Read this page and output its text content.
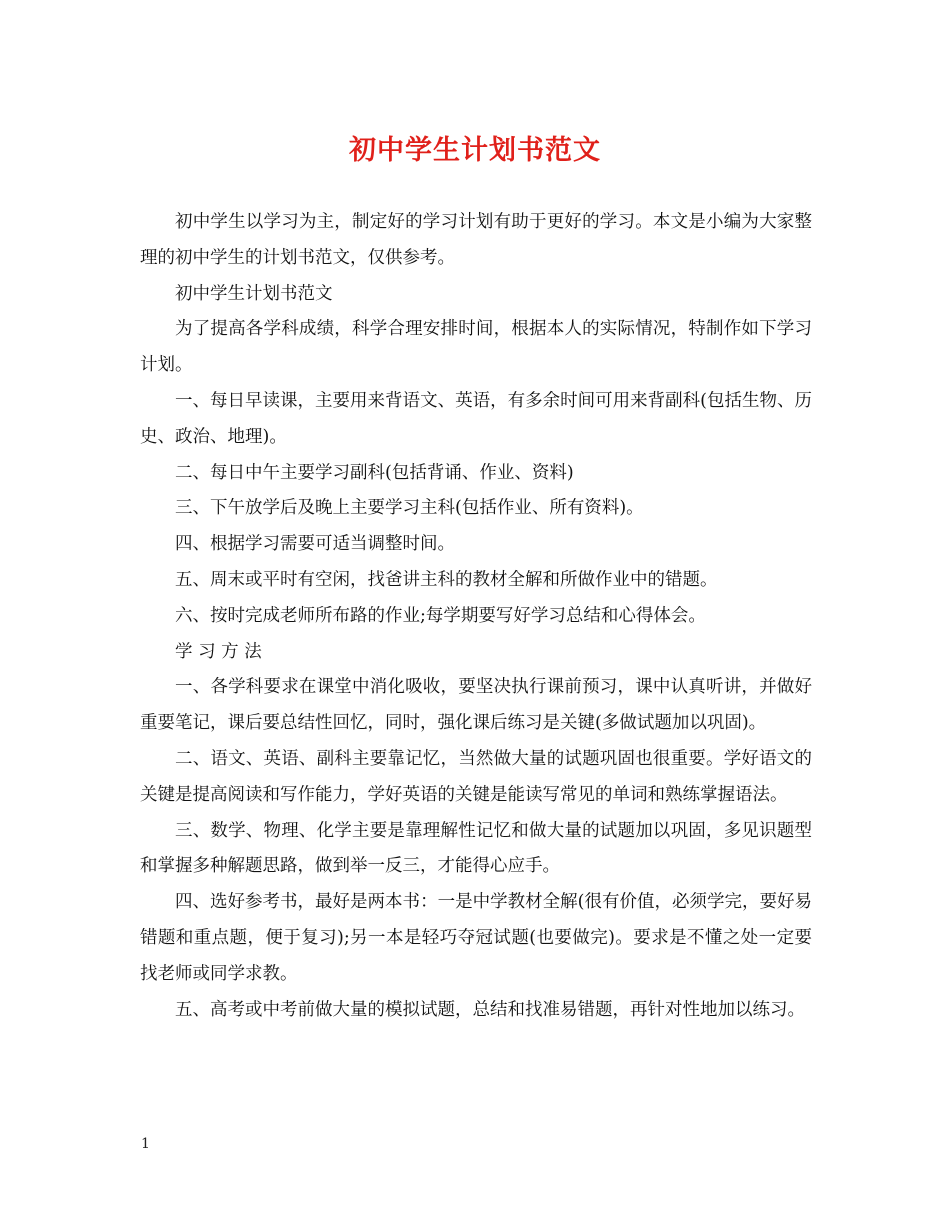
初中学生计划书范文

初中学生以学习为主，制定好的学习计划有助于更好的学习。本文是小编为大家整理的初中学生的计划书范文，仅供参考。

初中学生计划书范文

为了提高各学科成绩，科学合理安排时间，根据本人的实际情况，特制作如下学习计划。

一、每日早读课，主要用来背语文、英语，有多余时间可用来背副科(包括生物、历史、政治、地理)。

二、每日中午主要学习副科(包括背诵、作业、资料)

三、下午放学后及晚上主要学习主科(包括作业、所有资料)。

四、根据学习需要可适当调整时间。

五、周末或平时有空闲，找爸讲主科的教材全解和所做作业中的错题。

六、按时完成老师所布路的作业;每学期要写好学习总结和心得体会。

学 习 方 法

一、各学科要求在课堂中消化吸收，要坚决执行课前预习，课中认真听讲，并做好重要笔记，课后要总结性回忆，同时，强化课后练习是关键(多做试题加以巩固)。

二、语文、英语、副科主要靠记忆，当然做大量的试题巩固也很重要。学好语文的关键是提高阅读和写作能力，学好英语的关键是能读写常见的单词和熟练掌握语法。

三、数学、物理、化学主要是靠理解性记忆和做大量的试题加以巩固，多见识题型和掌握多种解题思路，做到举一反三，才能得心应手。

四、选好参考书，最好是两本书：一是中学教材全解(很有价值，必须学完，要好易错题和重点题，便于复习);另一本是轻巧夺冠试题(也要做完)。要求是不懂之处一定要找老师或同学求教。

五、高考或中考前做大量的模拟试题，总结和找准易错题，再针对性地加以练习。

1
